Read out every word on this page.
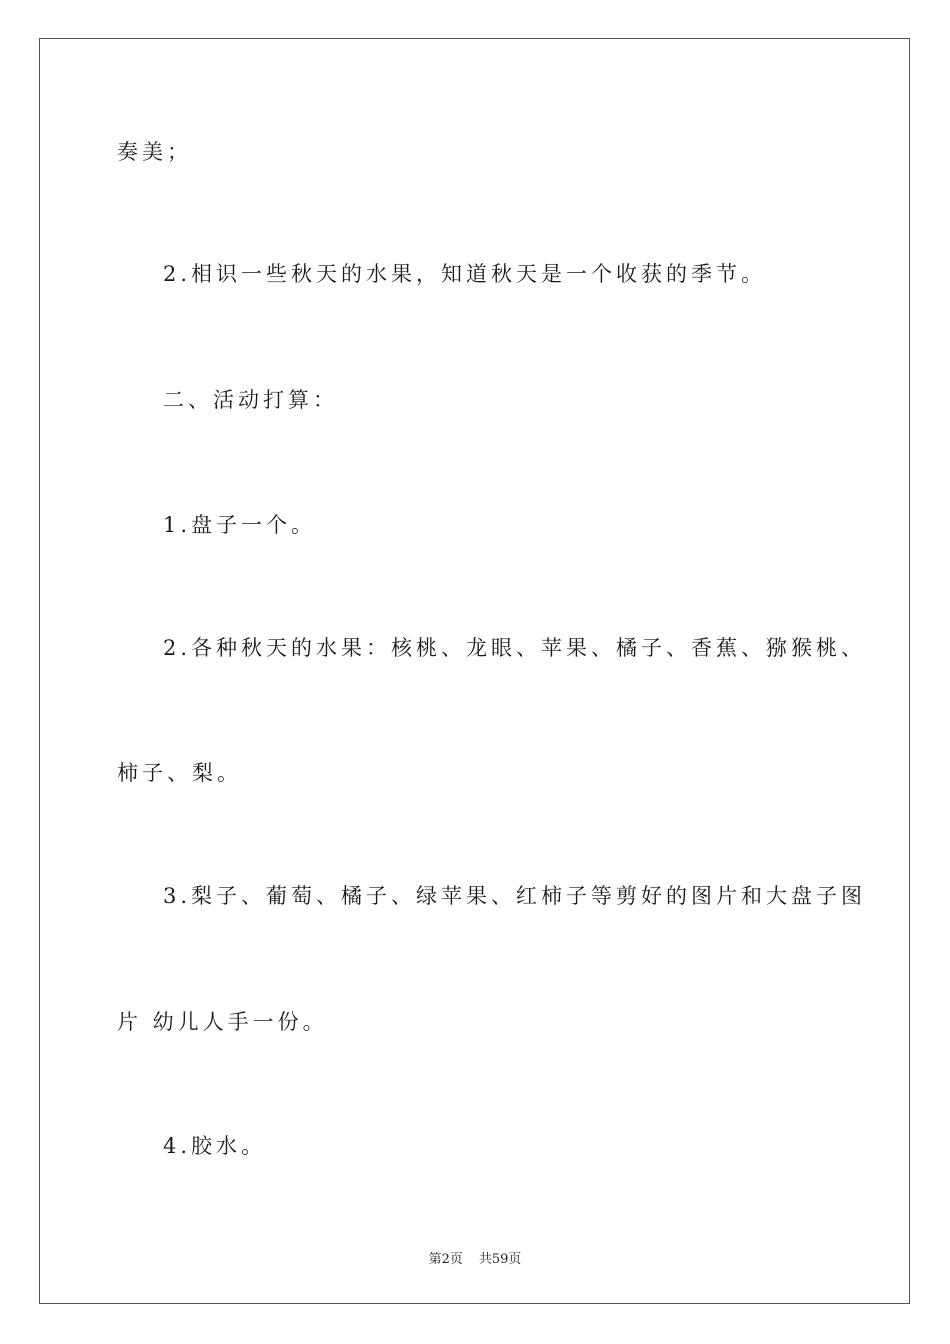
奏美；
2.相识一些秋天的水果，知道秋天是一个收获的季节。
二、活动打算：
1.盘子一个。
2.各种秋天的水果：核桃、龙眼、苹果、橘子、香蕉、猕猴桃、
柿子、梨。
3.梨子、葡萄、橘子、绿苹果、红柿子等剪好的图片和大盘子图
片 幼儿人手一份。
4.胶水。
第2页 共59页
